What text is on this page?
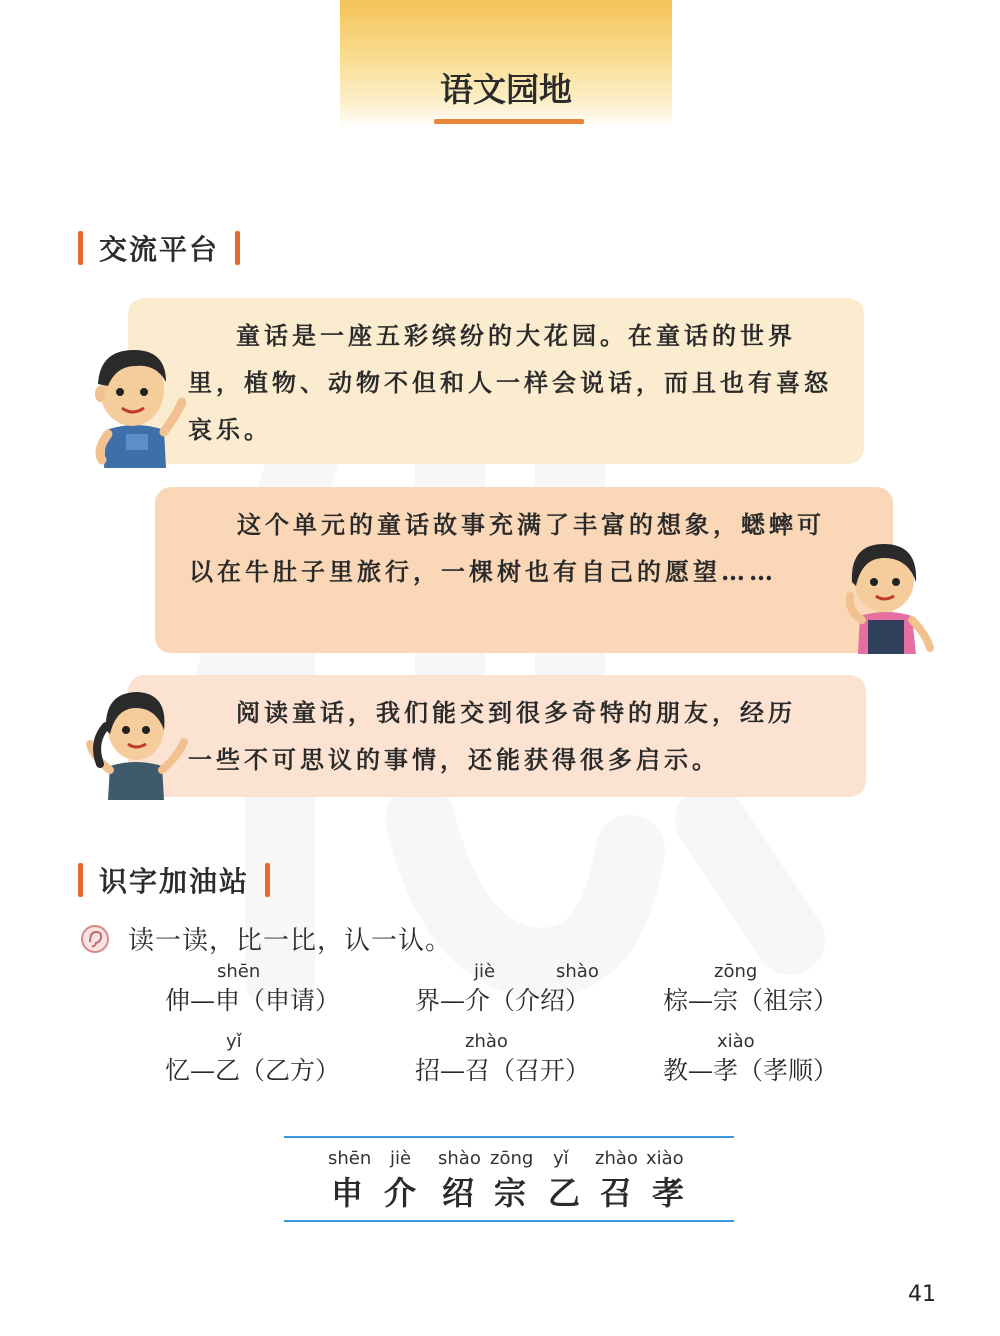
语文园地
交流平台

童话是一座五彩缤纷的大花园。在童话的世界里，植物、动物不但和人一样会说话，而且也有喜怒哀乐。

这个单元的童话故事充满了丰富的想象，蟋蟀可以在牛肚子里旅行，一棵树也有自己的愿望……

阅读童话，我们能交到很多奇特的朋友，经历一些不可思议的事情，还能获得很多启示。

识字加油站
读一读，比一比，认一认。
shēn
伸—申（申请）
jiè	shào
界—介（介绍）
zōng
棕—宗（祖宗）
yǐ
忆—乙（乙方）
zhào
招—召（召开）
xiào
教—孝（孝顺）
shēn
申
jiè
介
shào
绍
zōng
宗
yǐ
乙
zhào
召
xiào
孝
41
